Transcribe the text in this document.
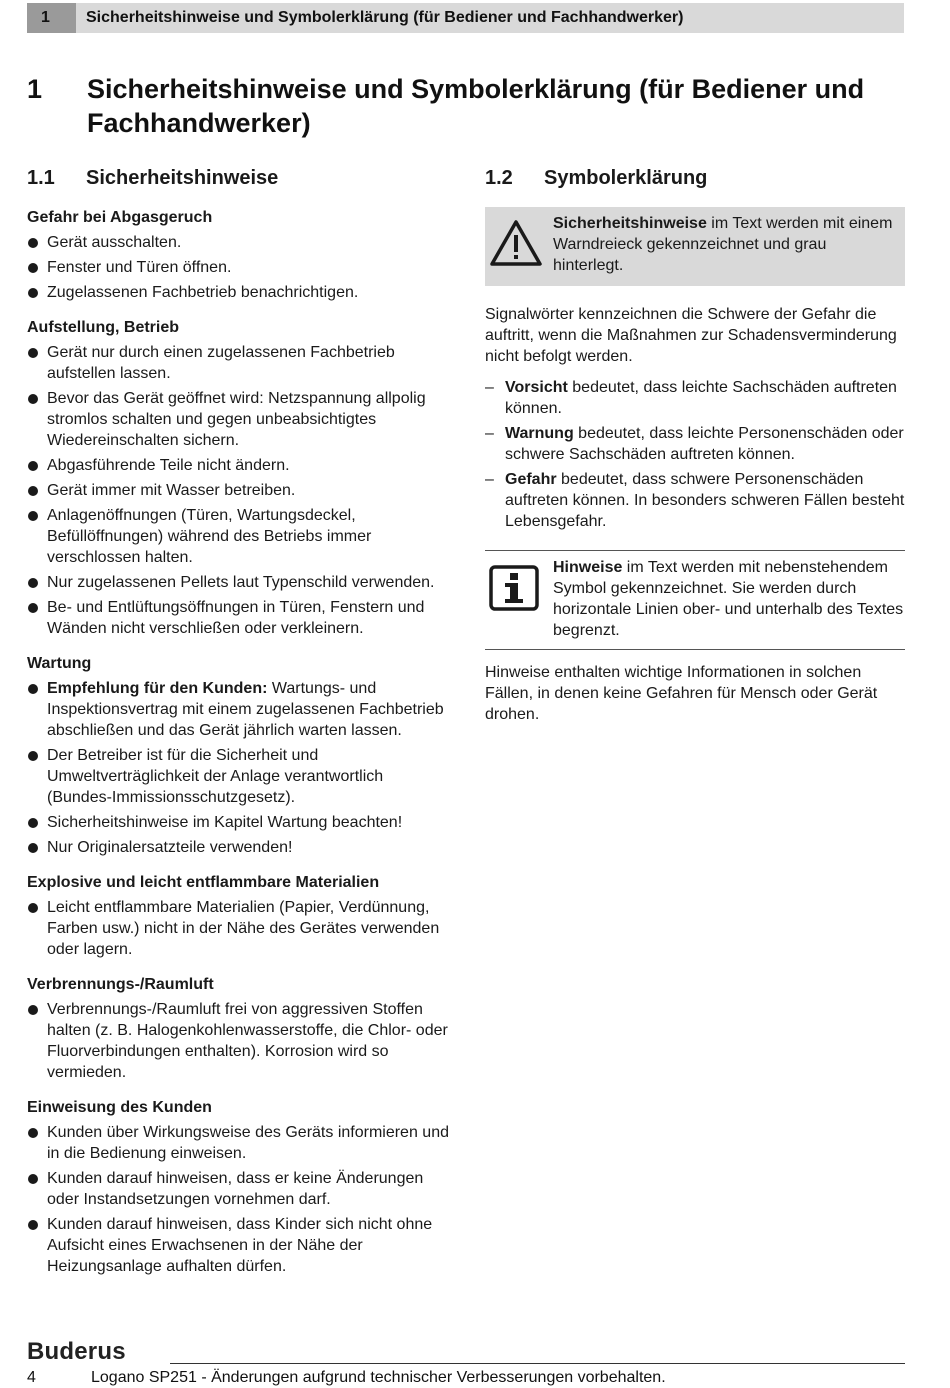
1	Sicherheitshinweise und Symbolerklärung (für Bediener und Fachhandwerker)
1	Sicherheitshinweise und Symbolerklärung (für Bediener und Fachhandwerker)
1.1	Sicherheitshinweise
Gefahr bei Abgasgeruch
Gerät ausschalten.
Fenster und Türen öffnen.
Zugelassenen Fachbetrieb benachrichtigen.
Aufstellung, Betrieb
Gerät nur durch einen zugelassenen Fachbetrieb aufstellen lassen.
Bevor das Gerät geöffnet wird: Netzspannung allpolig stromlos schalten und gegen unbeabsichtigtes Wiedereinschalten sichern.
Abgasführende Teile nicht ändern.
Gerät immer mit Wasser betreiben.
Anlagenöffnungen (Türen, Wartungsdeckel, Befüllöffnungen) während des Betriebs immer verschlossen halten.
Nur zugelassenen Pellets laut Typenschild verwenden.
Be- und Entlüftungsöffnungen in Türen, Fenstern und Wänden nicht verschließen oder verkleinern.
Wartung
Empfehlung für den Kunden: Wartungs- und Inspektionsvertrag mit einem zugelassenen Fachbetrieb abschließen und das Gerät jährlich warten lassen.
Der Betreiber ist für die Sicherheit und Umweltverträglichkeit der Anlage verantwortlich (Bundes-Immissionsschutzgesetz).
Sicherheitshinweise im Kapitel Wartung beachten!
Nur Originalersatzteile verwenden!
Explosive und leicht entflammbare Materialien
Leicht entflammbare Materialien (Papier, Verdünnung, Farben usw.) nicht in der Nähe des Gerätes verwenden oder lagern.
Verbrennungs-/Raumluft
Verbrennungs-/Raumluft frei von aggressiven Stoffen halten (z. B. Halogenkohlenwasserstoffe, die Chlor- oder Fluorverbindungen enthalten). Korrosion wird so vermieden.
Einweisung des Kunden
Kunden über Wirkungsweise des Geräts informieren und in die Bedienung einweisen.
Kunden darauf hinweisen, dass er keine Änderungen oder Instandsetzungen vornehmen darf.
Kunden darauf hinweisen, dass Kinder sich nicht ohne Aufsicht eines Erwachsenen in der Nähe der Heizungsanlage aufhalten dürfen.
1.2	Symbolerklärung
Sicherheitshinweise im Text werden mit einem Warndreieck gekennzeichnet und grau hinterlegt.

Signalwörter kennzeichnen die Schwere der Gefahr die auftritt, wenn die Maßnahmen zur Schadensverminderung nicht befolgt werden.

– Vorsicht bedeutet, dass leichte Sachschäden auftreten können.
– Warnung bedeutet, dass leichte Personenschäden oder schwere Sachschäden auftreten können.
– Gefahr bedeutet, dass schwere Personenschäden auftreten können. In besonders schweren Fällen besteht Lebensgefahr.
Hinweise im Text werden mit nebenstehendem Symbol gekennzeichnet. Sie werden durch horizontale Linien ober- und unterhalb des Textes begrenzt.

Hinweise enthalten wichtige Informationen in solchen Fällen, in denen keine Gefahren für Mensch oder Gerät drohen.

Buderus
4	Logano SP251 - Änderungen aufgrund technischer Verbesserungen vorbehalten.
